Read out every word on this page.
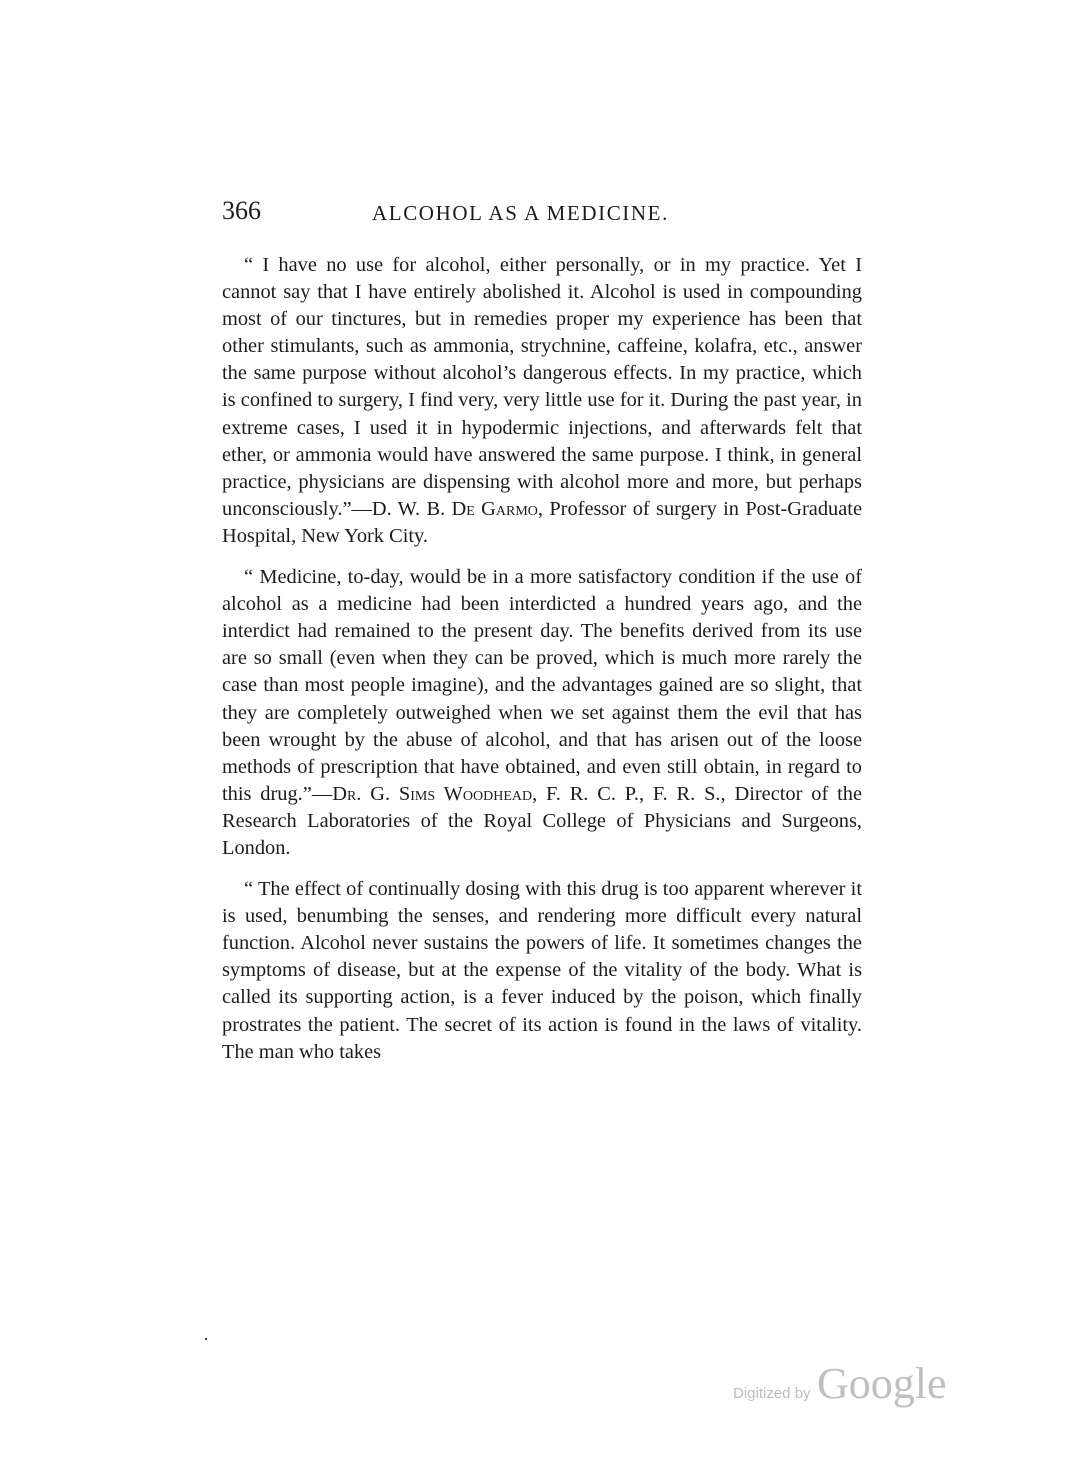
366	ALCOHOL AS A MEDICINE.

“ I have no use for alcohol, either personally, or in my practice. Yet I cannot say that I have entirely abolished it. Alcohol is used in compounding most of our tinctures, but in remedies proper my experience has been that other stimulants, such as ammonia, strychnine, caffeine, kolafra, etc., answer the same purpose without alcohol’s dangerous effects. In my practice, which is confined to surgery, I find very, very little use for it. During the past year, in extreme cases, I used it in hypodermic injections, and afterwards felt that ether, or ammonia would have answered the same purpose. I think, in general practice, physicians are dispensing with alcohol more and more, but perhaps unconsciously.”—D. W. B. De Garmo, Professor of surgery in Post-Graduate Hospital, New York City.

“ Medicine, to-day, would be in a more satisfactory condition if the use of alcohol as a medicine had been interdicted a hundred years ago, and the interdict had remained to the present day. The benefits derived from its use are so small (even when they can be proved, which is much more rarely the case than most people imagine), and the advantages gained are so slight, that they are completely outweighed when we set against them the evil that has been wrought by the abuse of alcohol, and that has arisen out of the loose methods of prescription that have obtained, and even still obtain, in regard to this drug.”—Dr. G. Sims Woodhead, F. R. C. P., F. R. S., Director of the Research Laboratories of the Royal College of Physicians and Surgeons, London.

“ The effect of continually dosing with this drug is too apparent wherever it is used, benumbing the senses, and rendering more difficult every natural function. Alcohol never sustains the powers of life. It sometimes changes the symptoms of disease, but at the expense of the vitality of the body. What is called its supporting action, is a fever induced by the poison, which finally prostrates the patient. The secret of its action is found in the laws of vitality. The man who takes

Digitized by Google
